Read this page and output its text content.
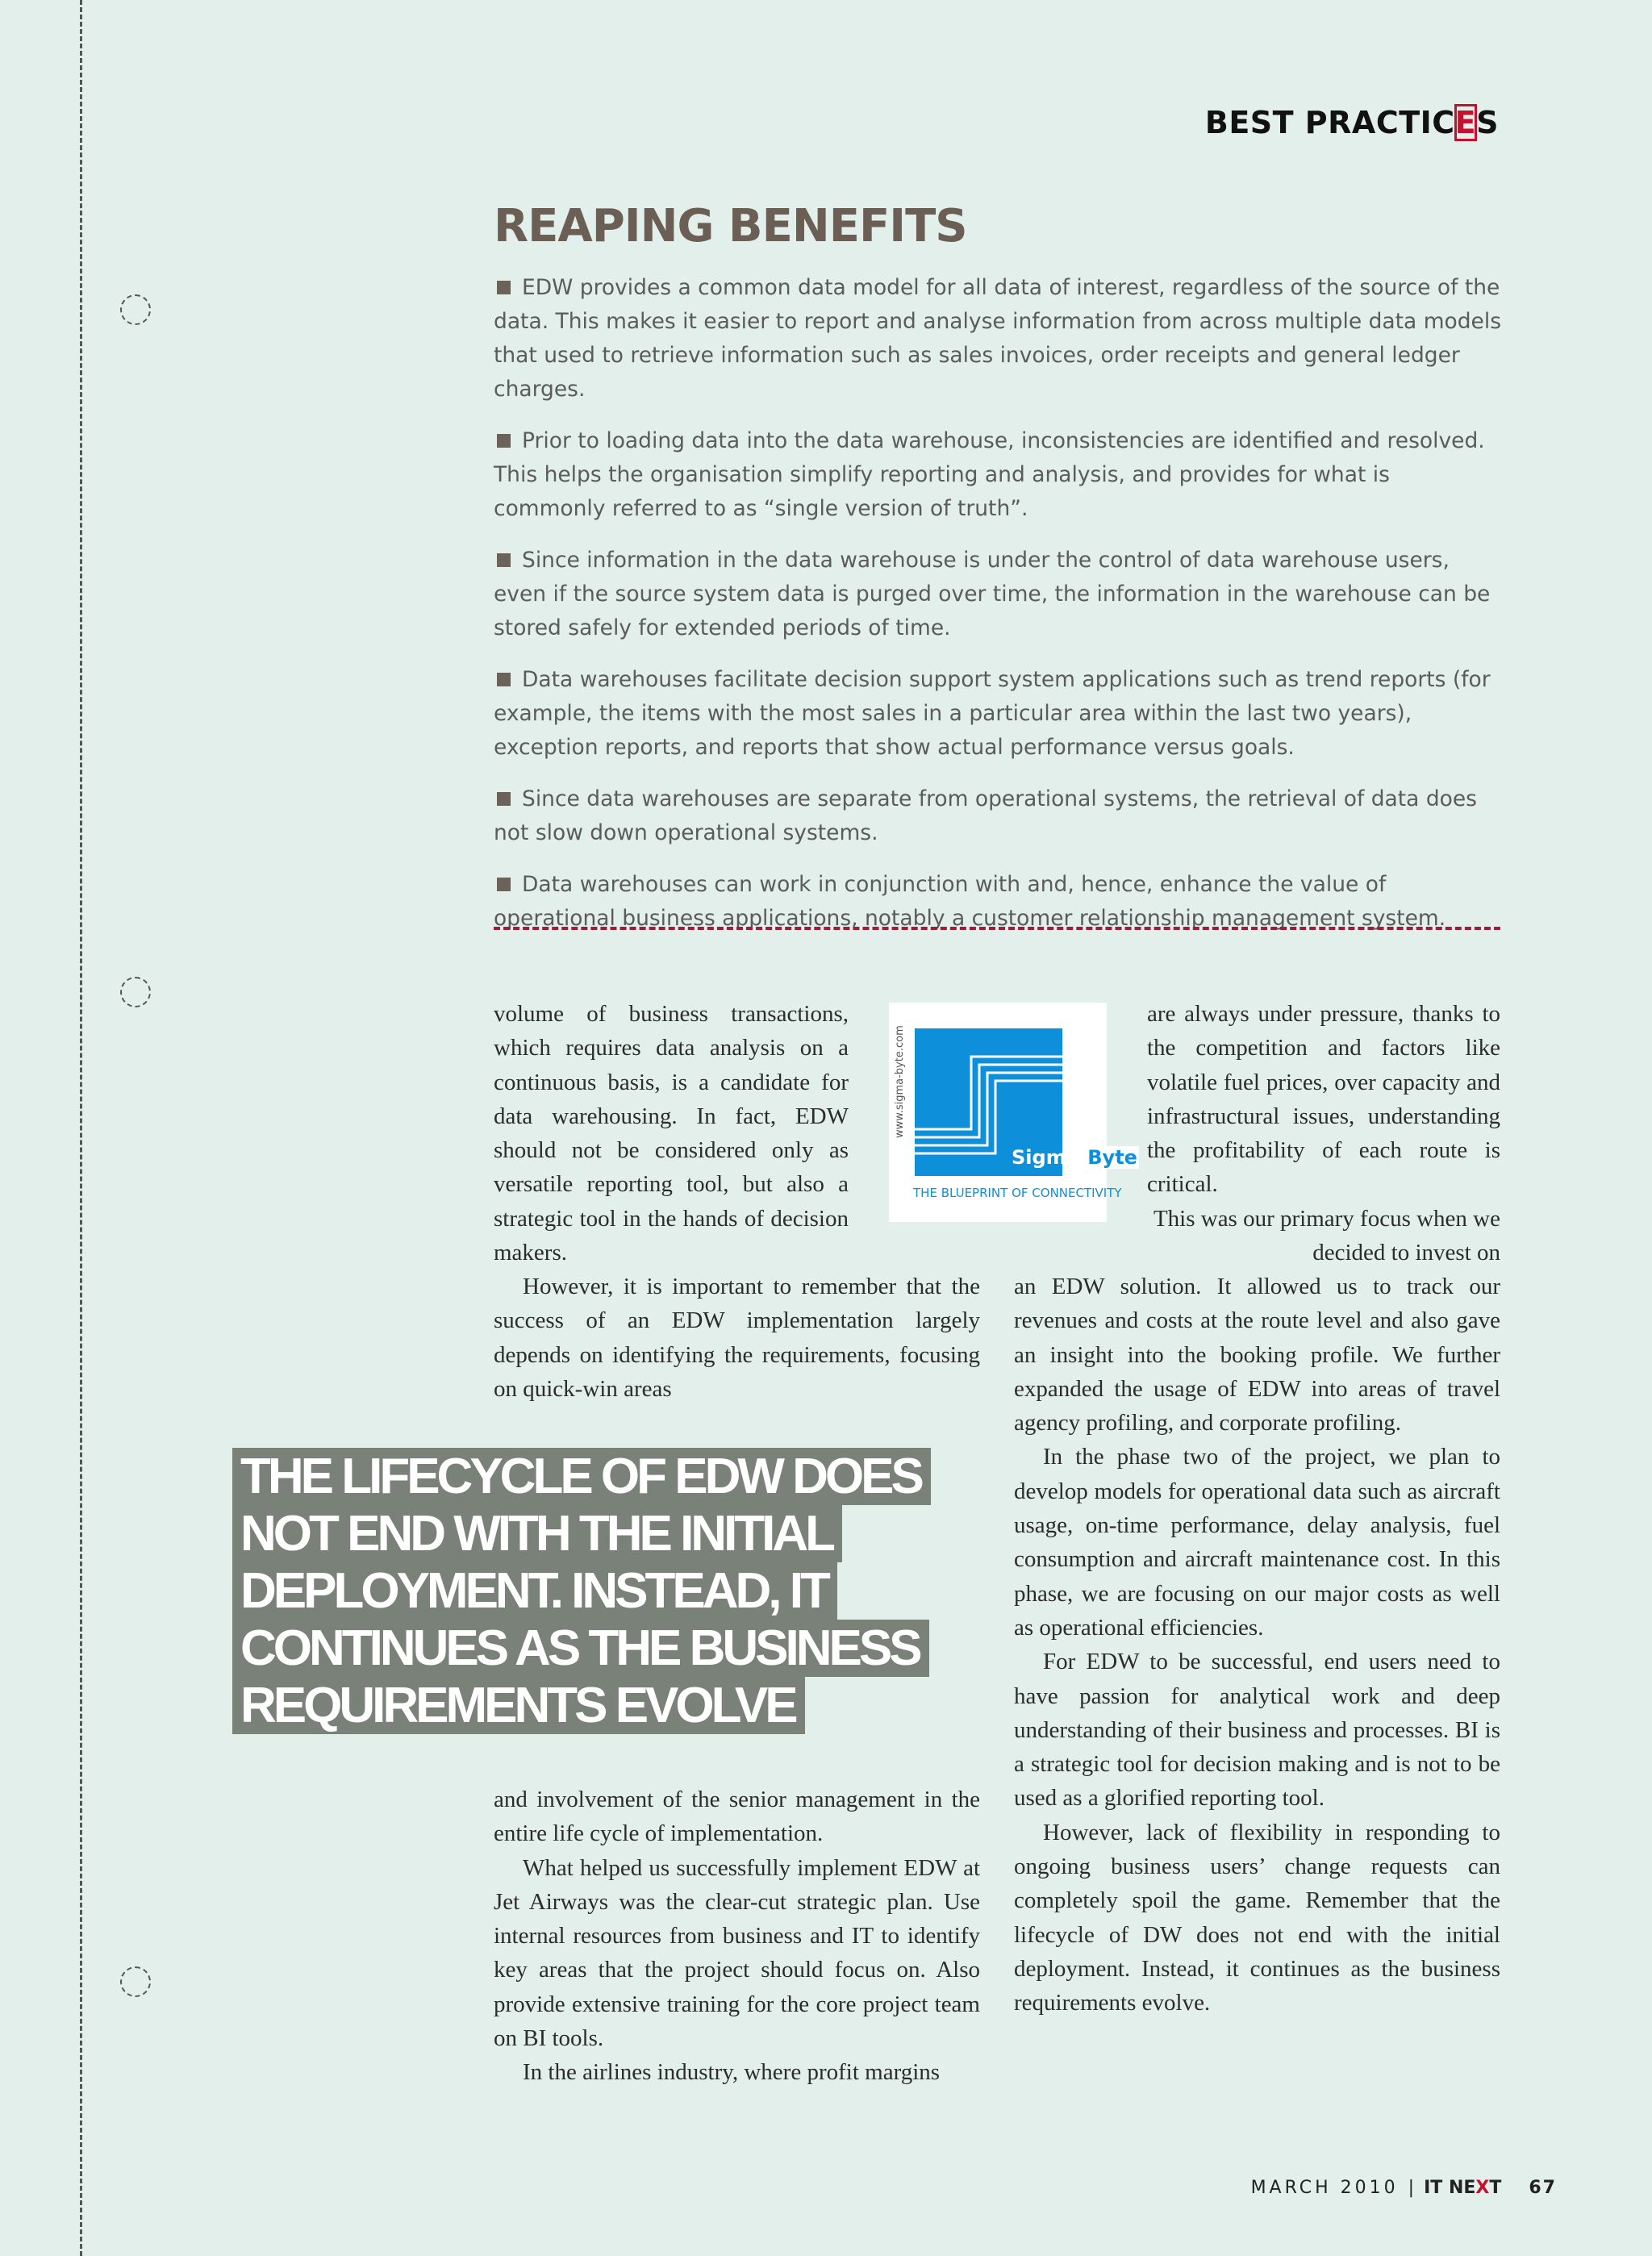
BEST PRACTICES
REAPING BENEFITS

EDW provides a common data model for all data of interest, regardless of the source of the data. This makes it easier to report and analyse information from across multiple data models that used to retrieve information such as sales invoices, order receipts and general ledger charges.

Prior to loading data into the data warehouse, inconsistencies are identified and resolved. This helps the organisation simplify reporting and analysis, and provides for what is commonly referred to as “single version of truth”.

Since information in the data warehouse is under the control of data warehouse users, even if the source system data is purged over time, the information in the warehouse can be stored safely for extended periods of time.

Data warehouses facilitate decision support system applications such as trend reports (for example, the items with the most sales in a particular area within the last two years), exception reports, and reports that show actual performance versus goals.

Since data warehouses are separate from operational systems, the retrieval of data does not slow down operational systems.

Data warehouses can work in conjunction with and, hence, enhance the value of operational business applications, notably a customer relationship management system.

volume of business transactions, which requires data analysis on a continuous basis, is a candidate for data warehousing. In fact, EDW should not be considered only as versatile reporting tool, but also a strategic tool in the hands of decision makers.

However, it is important to remember that the success of an EDW implementation largely depends on identifying the requirements, focusing on quick-win areas

www.sigma-byte.com
Sigma Byte
THE BLUEPRINT OF CONNECTIVITY

are always under pressure, thanks to the competition and factors like volatile fuel prices, over capacity and infrastructural issues, understanding the profitability of each route is critical.

This was our primary focus when we decided to invest on

an EDW solution. It allowed us to track our revenues and costs at the route level and also gave an insight into the booking profile. We further expanded the usage of EDW into areas of travel agency profiling, and corporate profiling.

In the phase two of the project, we plan to develop models for operational data such as aircraft usage, on-time performance, delay analysis, fuel consumption and aircraft maintenance cost. In this phase, we are focusing on our major costs as well as operational efficiencies.

For EDW to be successful, end users need to have passion for analytical work and deep understanding of their business and processes. BI is a strategic tool for decision making and is not to be used as a glorified reporting tool.

However, lack of flexibility in responding to ongoing business users’ change requests can completely spoil the game. Remember that the lifecycle of DW does not end with the initial deployment. Instead, it continues as the business requirements evolve.

THE LIFECYCLE OF EDW DOES
NOT END WITH THE INITIAL
DEPLOYMENT. INSTEAD, IT
CONTINUES AS THE BUSINESS
REQUIREMENTS EVOLVE

and involvement of the senior management in the entire life cycle of implementation.

What helped us successfully implement EDW at Jet Airways was the clear-cut strategic plan. Use internal resources from business and IT to identify key areas that the project should focus on. Also provide extensive training for the core project team on BI tools.

In the airlines industry, where profit margins

MARCH 2010 | IT NEXT 67
